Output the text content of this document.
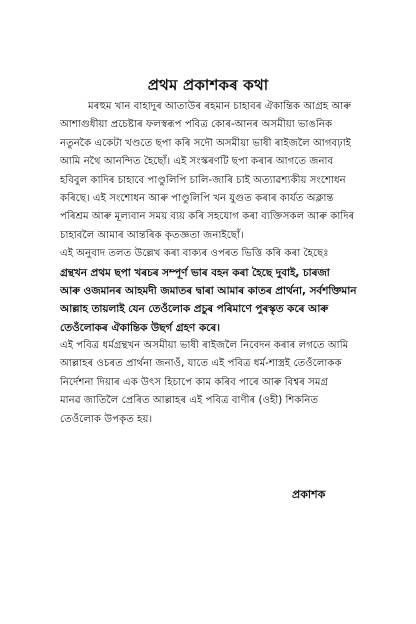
প্ৰথম প্ৰকাশকৰ কথা
মৰহুম খান বাহাদুৰ আতাউৰ ৰহমান চাহাবৰ ঐকান্তিক আগ্ৰহ আৰু
আশাগুধীয়া প্ৰচেষ্টাৰ ফলস্বৰূপ পবিত্ৰ কোৰ-আনৰ অসমীয়া ভাঙনিক
নতুনকৈ একেটা খণ্ডতে ছপা কৰি সদৌ অসমীয়া ভাষী ৰাইজলৈ আগবঢ়াই
আমি নথৈ আনন্দিত হৈছোঁ। এই সংস্কৰণটি ছপা কৰাৰ আগতে জনাব
হবিবুল কাদিৰ চাহাবে পাণ্ডুলিপি চালি-জাৰি চাই অত্যাৱশ্যকীয় সংশোধন
কৰিছে। এই সংশোধন আৰু পাণ্ডুলিপি খন যুগুত কৰাৰ কাৰ্যত অক্লান্ত
পৰিশ্ৰম আৰু মূল্যবান সময় ব্যয় কৰি সহযোগ কৰা ব্যক্তিসকল আৰু কাদিৰ
চাহাবলৈ আমাৰ আন্তৰিক কৃতজ্ঞতা জনাইছোঁ।
এই অনুবাদ তলত উল্লেখ কৰা বাক্যৰ ওপৰত ভিত্তি কৰি কৰা হৈছেঃ
গ্ৰন্থখন প্ৰথম ছপা খৰচৰ সম্পূৰ্ণ ভাৰ বহন কৰা হৈছে দুবাই, চাৰজা
আৰু ওজমানৰ আহমদী জমাতৰ দ্বাৰা আমাৰ কাতৰ প্ৰাৰ্থনা, সৰ্বশক্তিমান
আল্লাহ তায়লাই যেন তেওঁলোক প্ৰচুৰ পৰিমাণে পুৰস্কৃত কৰে আৰু
তেওঁলোকৰ ঐকান্তিক উছৰ্গ গ্ৰহণ কৰে।
এই পবিত্ৰ ধৰ্মগ্ৰন্থখন অসমীয়া ভাষী ৰাইজলৈ নিবেদন কৰাৰ লগতে আমি
আল্লাহৰ ওচৰত প্ৰাৰ্থনা জনাওঁ, যাতে এই পবিত্ৰ ধৰ্ম-শাস্ত্ৰই তেওঁলোকক
নিৰ্দেশনা দিয়াৰ এক উৎস হিচাপে কাম কৰিব পাৰে আৰু বিশ্বৰ সমগ্ৰ
মানৱ জাতিলৈ প্ৰেৰিত আল্লাহৰ এই পবিত্ৰ বাণীৰ (ওহী) শিকনিত
তেওঁলোক উপকৃত হয়।
প্ৰকাশক
